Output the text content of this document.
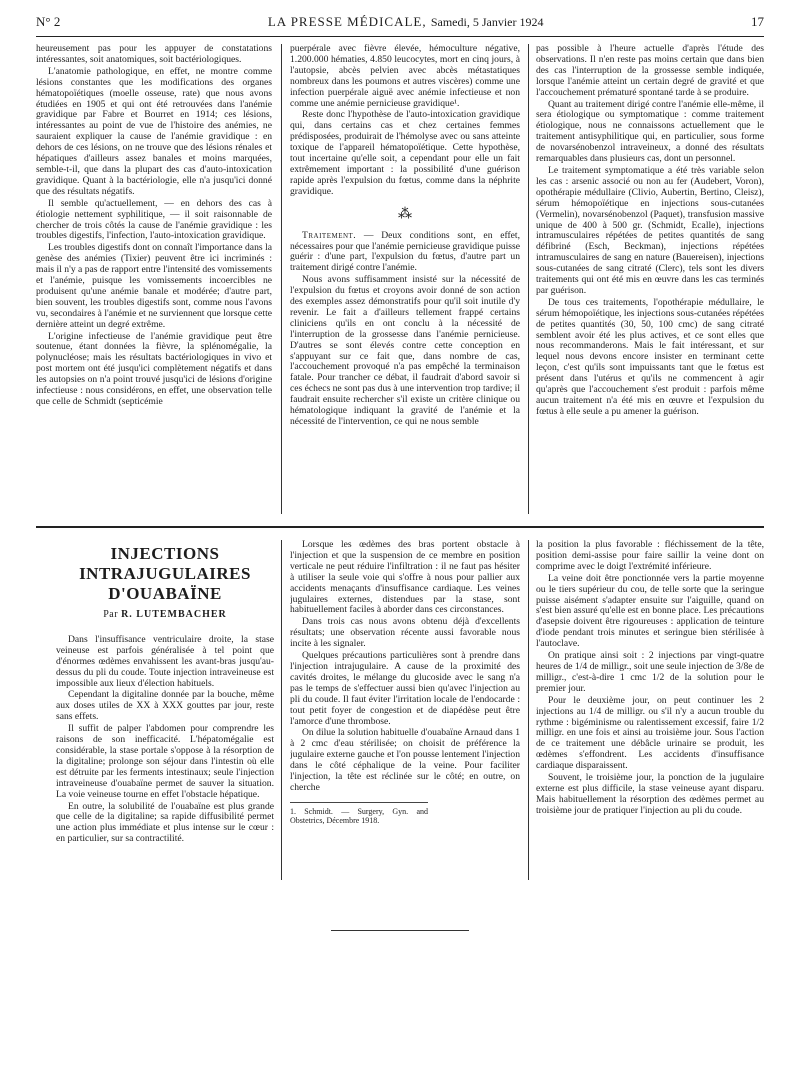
N° 2	LA PRESSE MÉDICALE, Samedi, 5 Janvier 1924	17

heureusement pas pour les appuyer de constatations intéressantes, soit anatomiques, soit bactériologiques.

L'anatomie pathologique, en effet, ne montre comme lésions constantes que les modifications des organes hématopoïétiques (moelle osseuse, rate) que nous avons étudiées en 1905 et qui ont été retrouvées dans l'anémie gravidique par Fabre et Bourret en 1914; ces lésions, intéressantes au point de vue de l'histoire des anémies, ne sauraient expliquer la cause de l'anémie gravidique : en dehors de ces lésions, on ne trouve que des lésions rénales et hépatiques d'ailleurs assez banales et moins marquées, semble-t-il, que dans la plupart des cas d'auto-intoxication gravidique. Quant à la bactériologie, elle n'a jusqu'ici donné que des résultats négatifs.

Il semble qu'actuellement, — en dehors des cas à étiologie nettement syphilitique, — il soit raisonnable de chercher de trois côtés la cause de l'anémie gravidique : les troubles digestifs, l'infection, l'auto-intoxication gravidique.

Les troubles digestifs dont on connaît l'importance dans la genèse des anémies (Tixier) peuvent être ici incriminés : mais il n'y a pas de rapport entre l'intensité des vomissements et l'anémie, puisque les vomissements incoercibles ne produisent qu'une anémie banale et modérée; d'autre part, bien souvent, les troubles digestifs sont, comme nous l'avons vu, secondaires à l'anémie et ne surviennent que lorsque cette dernière atteint un degré extrême.

L'origine infectieuse de l'anémie gravidique peut être soutenue, étant données la fièvre, la splénomégalie, la polynucléose; mais les résultats bactériologiques in vivo et post mortem ont été jusqu'ici complètement négatifs et dans les autopsies on n'a point trouvé jusqu'ici de lésions d'origine infectieuse : nous considérons, en effet, une observation telle que celle de Schmidt (septicémie

puerpérale avec fièvre élevée, hémoculture négative, 1.200.000 hématies, 4.850 leucocytes, mort en cinq jours, à l'autopsie, abcès pelvien avec abcès métastatiques nombreux dans les poumons et autres viscères) comme une infection puerpérale aiguë avec anémie infectieuse et non comme une anémie pernicieuse gravidique¹.

Reste donc l'hypothèse de l'auto-intoxication gravidique qui, dans certains cas et chez certaines femmes prédisposées, produirait de l'hémolyse avec ou sans atteinte toxique de l'appareil hématopoïétique. Cette hypothèse, tout incertaine qu'elle soit, a cependant pour elle un fait extrêmement important : la possibilité d'une guérison rapide après l'expulsion du fœtus, comme dans la néphrite gravidique.

⁂

Traitement. — Deux conditions sont, en effet, nécessaires pour que l'anémie pernicieuse gravidique puisse guérir : d'une part, l'expulsion du fœtus, d'autre part un traitement dirigé contre l'anémie.

Nous avons suffisamment insisté sur la nécessité de l'expulsion du fœtus et croyons avoir donné de son action des exemples assez démonstratifs pour qu'il soit inutile d'y revenir. Le fait a d'ailleurs tellement frappé certains cliniciens qu'ils en ont conclu à la nécessité de l'interruption de la grossesse dans l'anémie pernicieuse. D'autres se sont élevés contre cette conception en s'appuyant sur ce fait que, dans nombre de cas, l'accouchement provoqué n'a pas empêché la terminaison fatale. Pour trancher ce débat, il faudrait d'abord savoir si ces échecs ne sont pas dus à une intervention trop tardive; il faudrait ensuite rechercher s'il existe un critère clinique ou hématologique indiquant la gravité de l'anémie et la nécessité de l'intervention, ce qui ne nous semble

pas possible à l'heure actuelle d'après l'étude des observations. Il n'en reste pas moins certain que dans bien des cas l'interruption de la grossesse semble indiquée, lorsque l'anémie atteint un certain degré de gravité et que l'accouchement prématuré spontané tarde à se produire.

Quant au traitement dirigé contre l'anémie elle-même, il sera étiologique ou symptomatique : comme traitement étiologique, nous ne connaissons actuellement que le traitement antisyphilitique qui, en particulier, sous forme de novarsénobenzol intraveineux, a donné des résultats remarquables dans plusieurs cas, dont un personnel.

Le traitement symptomatique a été très variable selon les cas : arsenic associé ou non au fer (Audebert, Voron), opothérapie médullaire (Clivio, Aubertin, Bertino, Cleisz), sérum hémopoïétique en injections sous-cutanées (Vermelin), novarsénobenzol (Paquet), transfusion massive unique de 400 à 500 gr. (Schmidt, Ecalle), injections intramusculaires répétées de petites quantités de sang défibriné (Esch, Beckman), injections répétées intramusculaires de sang en nature (Bauereisen), injections sous-cutanées de sang citraté (Clerc), tels sont les divers traitements qui ont été mis en œuvre dans les cas terminés par guérison.

De tous ces traitements, l'opothérapie médullaire, le sérum hémopoïétique, les injections sous-cutanées répétées de petites quantités (30, 50, 100 cmc) de sang citraté semblent avoir été les plus actives, et ce sont elles que nous recommanderons. Mais le fait intéressant, et sur lequel nous devons encore insister en terminant cette leçon, c'est qu'ils sont impuissants tant que le fœtus est présent dans l'utérus et qu'ils ne commencent à agir qu'après que l'accouchement s'est produit : parfois même aucun traitement n'a été mis en œuvre et l'expulsion du fœtus à elle seule a pu amener la guérison.

INJECTIONS INTRAJUGULAIRES D'OUABAÏNE
Par R. LUTEMBACHER

Dans l'insuffisance ventriculaire droite, la stase veineuse est parfois généralisée à tel point que d'énormes œdèmes envahissent les avant-bras jusqu'au-dessus du pli du coude. Toute injection intraveineuse est impossible aux lieux d'élection habituels.

Cependant la digitaline donnée par la bouche, même aux doses utiles de XX à XXX gouttes par jour, reste sans effets.

Il suffit de palper l'abdomen pour comprendre les raisons de son inefficacité. L'hépatomégalie est considérable, la stase portale s'oppose à la résorption de la digitaline; prolonge son séjour dans l'intestin où elle est détruite par les ferments intestinaux; seule l'injection intraveineuse d'ouabaïne permet de sauver la situation. La voie veineuse tourne en effet l'obstacle hépatique.

En outre, la solubilité de l'ouabaïne est plus grande que celle de la digitaline; sa rapide diffusibilité permet une action plus immédiate et plus intense sur le cœur : en particulier, sur sa contractilité.

Lorsque les œdèmes des bras portent obstacle à l'injection et que la suspension de ce membre en position verticale ne peut réduire l'infiltration : il ne faut pas hésiter à utiliser la seule voie qui s'offre à nous pour pallier aux accidents menaçants d'insuffisance cardiaque. Les veines jugulaires externes, distendues par la stase, sont habituellement faciles à aborder dans ces circonstances.

Dans trois cas nous avons obtenu déjà d'excellents résultats; une observation récente aussi favorable nous incite à les signaler.

Quelques précautions particulières sont à prendre dans l'injection intrajugulaire. A cause de la proximité des cavités droites, le mélange du glucoside avec le sang n'a pas le temps de s'effectuer aussi bien qu'avec l'injection au pli du coude. Il faut éviter l'irritation locale de l'endocarde : tout petit foyer de congestion et de diapédèse peut être l'amorce d'une thrombose.

On dilue la solution habituelle d'ouabaïne Arnaud dans 1 à 2 cmc d'eau stérilisée; on choisit de préférence la jugulaire externe gauche et l'on pousse lentement l'injection dans le côté céphalique de la veine. Pour faciliter l'injection, la tête est réclinée sur le côté; en outre, on cherche

1. Schmidt. — Surgery, Gyn. and Obstetrics, Décembre 1918.

la position la plus favorable : fléchissement de la tête, position demi-assise pour faire saillir la veine dont on comprime avec le doigt l'extrémité inférieure.

La veine doit être ponctionnée vers la partie moyenne ou le tiers supérieur du cou, de telle sorte que la seringue puisse aisément s'adapter ensuite sur l'aiguille, quand on s'est bien assuré qu'elle est en bonne place. Les précautions d'asepsie doivent être rigoureuses : application de teinture d'iode pendant trois minutes et seringue bien stérilisée à l'autoclave.

On pratique ainsi soit : 2 injections par vingt-quatre heures de 1/4 de milligr., soit une seule injection de 3/8e de milligr., c'est-à-dire 1 cmc 1/2 de la solution pour le premier jour.

Pour le deuxième jour, on peut continuer les 2 injections au 1/4 de milligr. ou s'il n'y a aucun trouble du rythme : bigéminisme ou ralentissement excessif, faire 1/2 milligr. en une fois et ainsi au troisième jour. Sous l'action de ce traitement une débâcle urinaire se produit, les œdèmes s'effondrent. Les accidents d'insuffisance cardiaque disparaissent.

Souvent, le troisième jour, la ponction de la jugulaire externe est plus difficile, la stase veineuse ayant disparu. Mais habituellement la résorption des œdèmes permet au troisième jour de pratiquer l'injection au pli du coude.
